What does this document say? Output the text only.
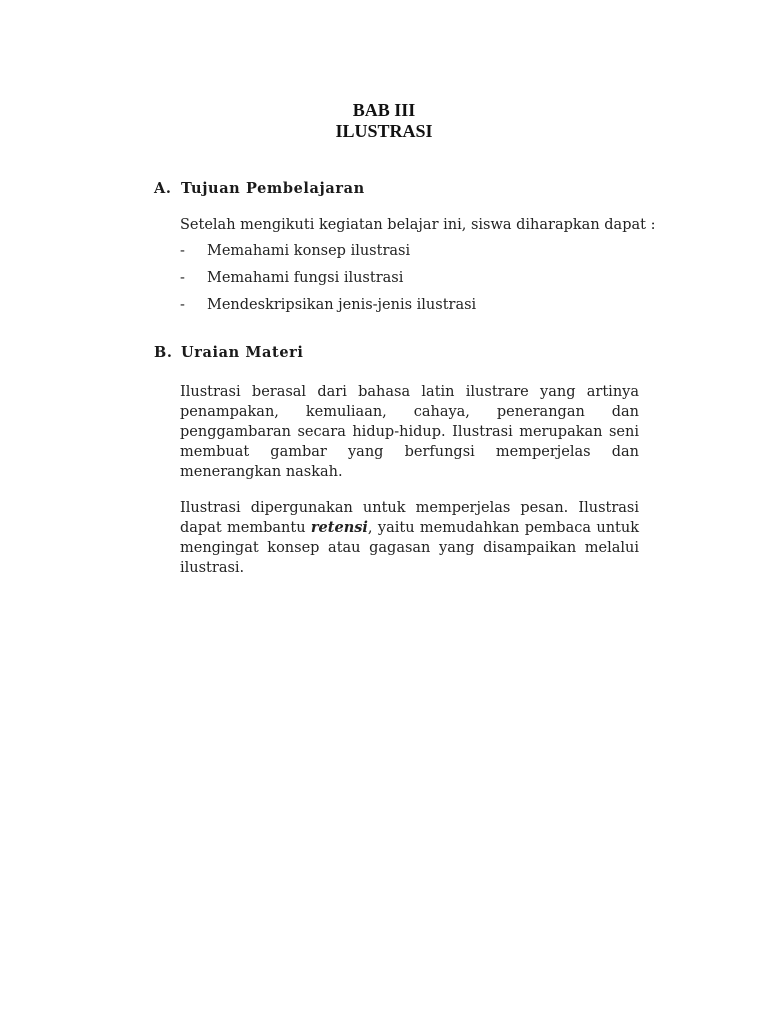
BAB III
ILUSTRASI
A. Tujuan Pembelajaran
Setelah mengikuti kegiatan belajar ini, siswa diharapkan dapat :
-	Memahami konsep ilustrasi
-	Memahami fungsi ilustrasi
-	Mendeskripsikan jenis-jenis ilustrasi
B. Uraian Materi

Ilustrasi berasal dari bahasa latin ilustrare yang artinya penampakan, kemuliaan, cahaya, penerangan dan penggambaran secara hidup-hidup. Ilustrasi merupakan seni membuat gambar yang berfungsi memperjelas dan menerangkan naskah.

Ilustrasi dipergunakan untuk memperjelas pesan. Ilustrasi dapat membantu retensi, yaitu memudahkan pembaca untuk mengingat konsep atau gagasan yang disampaikan melalui ilustrasi.
